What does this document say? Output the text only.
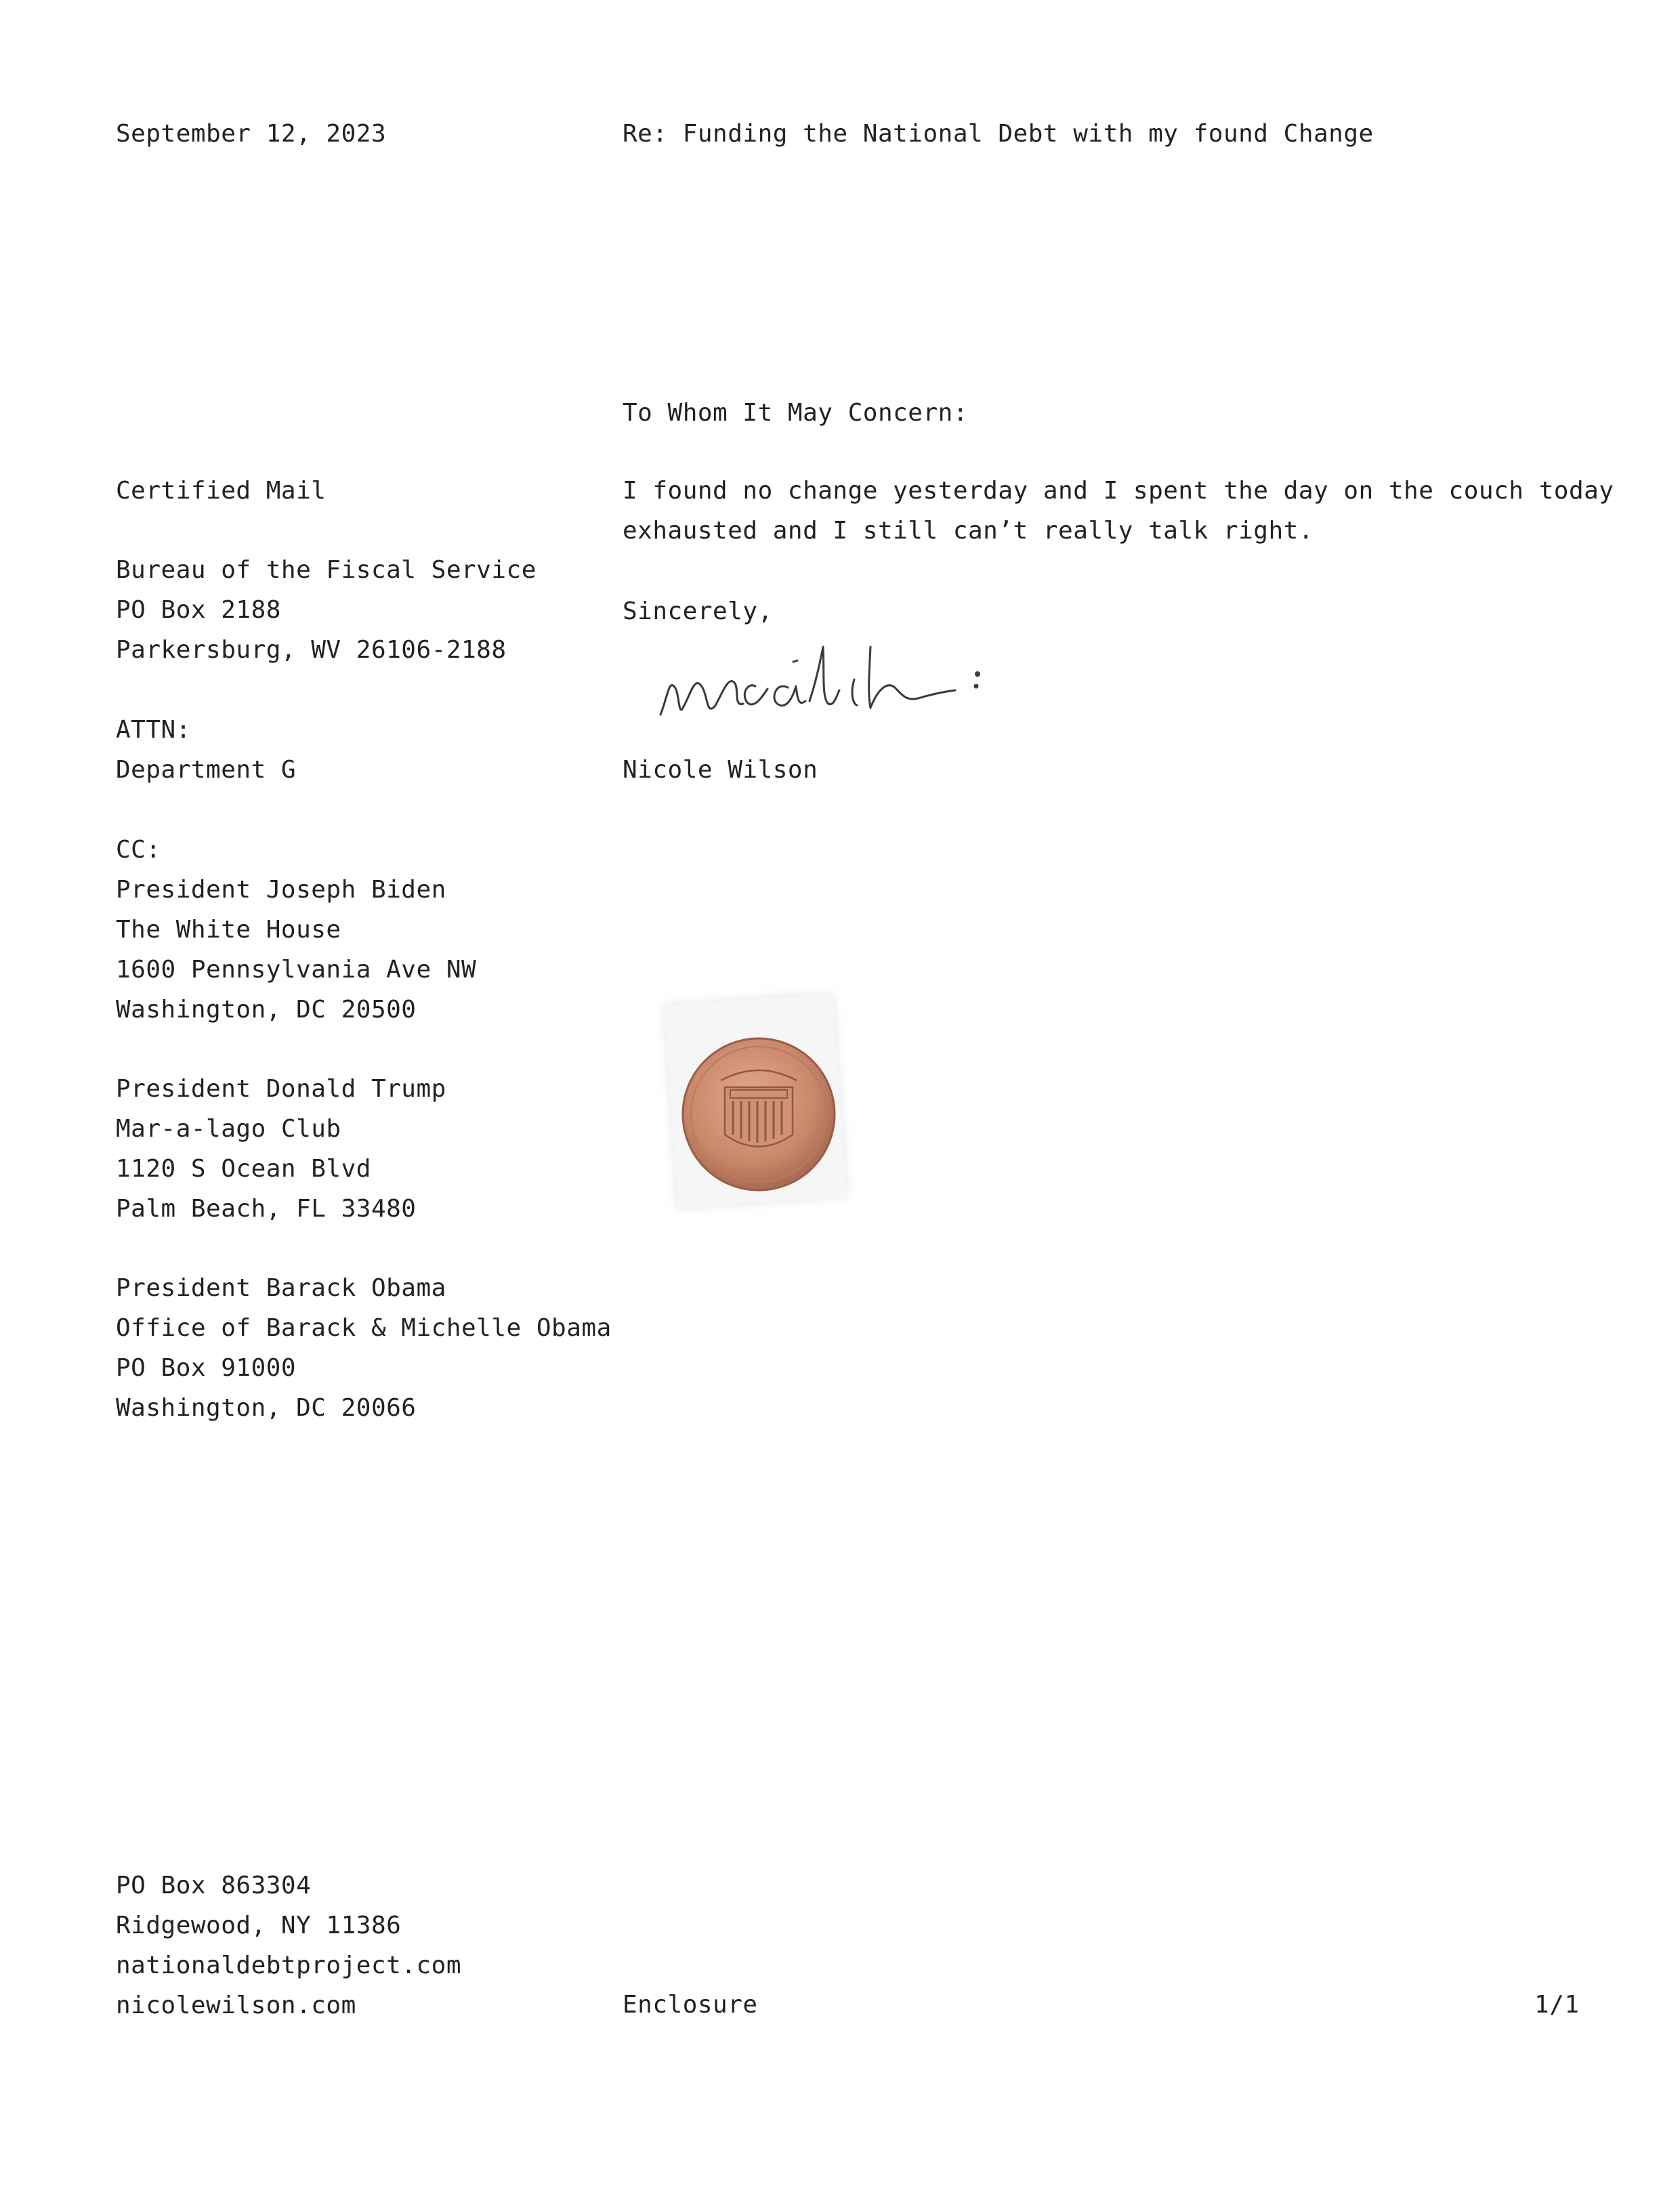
September 12, 2023	Re: Funding the National Debt with my found Change
To Whom It May Concern:
Certified Mail	I found no change yesterday and I spent the day on the couch today
exhausted and I still can’t really talk right.
Sincerely,
Nicole Wilson
Bureau of the Fiscal Service
PO Box 2188
Parkersburg, WV 26106-2188
ATTN:
Department G
CC:
President Joseph Biden
The White House
1600 Pennsylvania Ave NW
Washington, DC 20500
President Donald Trump
Mar-a-lago Club
1120 S Ocean Blvd
Palm Beach, FL 33480
President Barack Obama
Office of Barack & Michelle Obama
PO Box 91000
Washington, DC 20066
PO Box 863304
Ridgewood, NY 11386
nationaldebtproject.com
nicolewilson.com	Enclosure	1/1
